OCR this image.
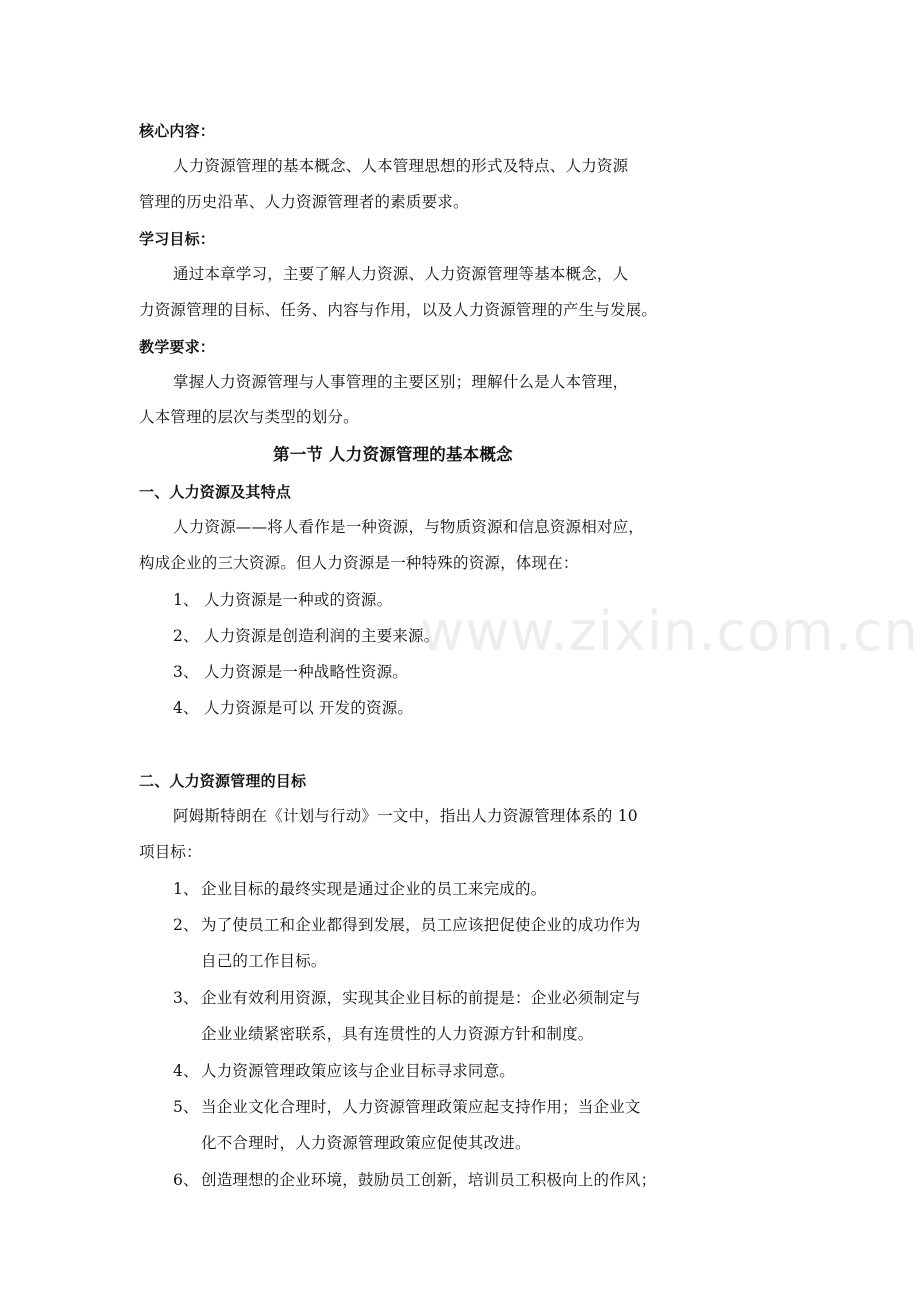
核心内容：
人力资源管理的基本概念、人本管理思想的形式及特点、人力资源
管理的历史沿革、人力资源管理者的素质要求。
学习目标：
通过本章学习，主要了解人力资源、人力资源管理等基本概念，人
力资源管理的目标、任务、内容与作用，以及人力资源管理的产生与发展。
教学要求：
掌握人力资源管理与人事管理的主要区别；理解什么是人本管理，
人本管理的层次与类型的划分。
第一节 人力资源管理的基本概念
一、人力资源及其特点
人力资源——将人看作是一种资源，与物质资源和信息资源相对应，
构成企业的三大资源。但人力资源是一种特殊的资源，体现在：
1、 人力资源是一种或的资源。
2、 人力资源是创造利润的主要来源。
3、 人力资源是一种战略性资源。
4、 人力资源是可以 开发的资源。
二、人力资源管理的目标
阿姆斯特朗在《计划与行动》一文中，指出人力资源管理体系的 10
项目标：
1、 企业目标的最终实现是通过企业的员工来完成的。
2、 为了使员工和企业都得到发展，员工应该把促使企业的成功作为
自己的工作目标。
3、 企业有效利用资源，实现其企业目标的前提是：企业必须制定与
企业业绩紧密联系，具有连贯性的人力资源方针和制度。
4、 人力资源管理政策应该与企业目标寻求同意。
5、 当企业文化合理时，人力资源管理政策应起支持作用；当企业文
化不合理时，人力资源管理政策应促使其改进。
6、 创造理想的企业环境，鼓励员工创新，培训员工积极向上的作风；
www.zixin.com.cn
